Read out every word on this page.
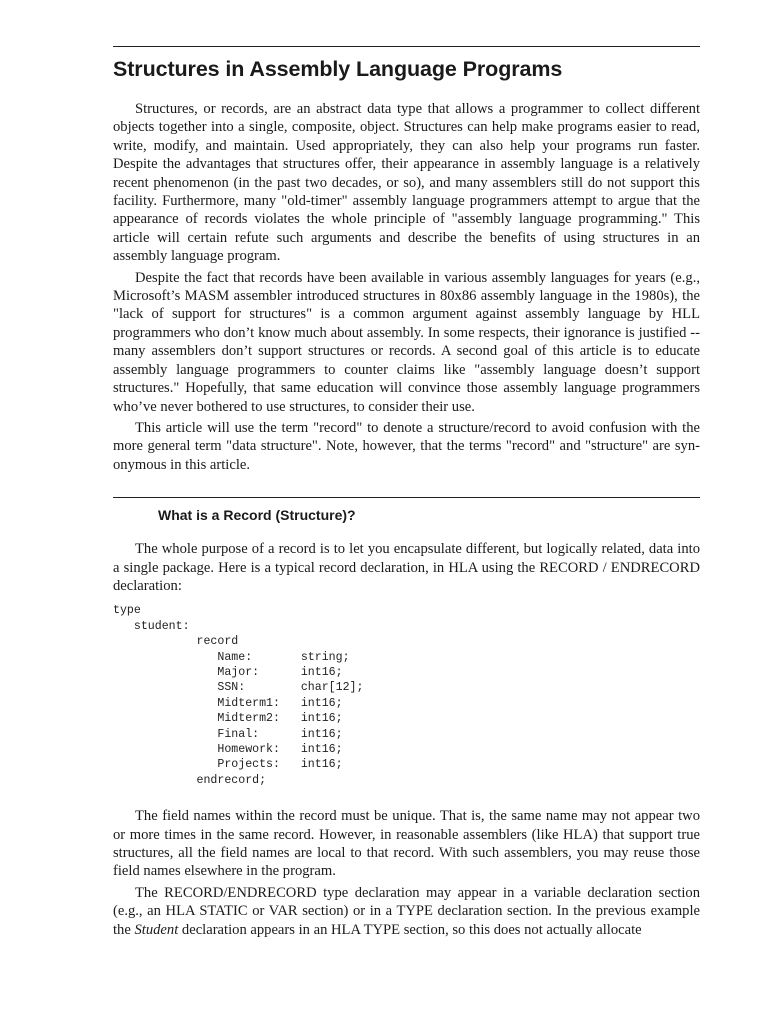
Structures in Assembly Language Programs

Structures, or records, are an abstract data type that allows a programmer to collect different objects together into a single, composite, object. Structures can help make programs easier to read, write, modify, and maintain. Used appropriately, they can also help your programs run faster. Despite the advantages that structures offer, their appearance in assembly language is a relatively recent phenomenon (in the past two decades, or so), and many assemblers still do not support this facility. Furthermore, many "old-timer" assembly language programmers attempt to argue that the appearance of records violates the whole principle of "assembly language programming." This article will certain refute such arguments and describe the benefits of using structures in an assembly language program.

Despite the fact that records have been available in various assembly languages for years (e.g., Microsoft’s MASM assembler introduced structures in 80x86 assembly language in the 1980s), the "lack of support for structures" is a common argument against assembly language by HLL programmers who don’t know much about assembly. In some respects, their ignorance is justified -- many assemblers don’t support structures or records. A second goal of this article is to educate assembly language programmers to counter claims like "assembly language doesn’t support structures." Hopefully, that same education will convince those assembly language programmers who’ve never bothered to use structures, to consider their use.

This article will use the term "record" to denote a structure/record to avoid confusion with the more general term "data structure". Note, however, that the terms "record" and "structure" are synonymous in this article.

What is a Record (Structure)?

The whole purpose of a record is to let you encapsulate different, but logically related, data into a single package. Here is a typical record declaration, in HLA using the RECORD / ENDRECORD declaration:

type
student:
record
Name:       string;
Major:      int16;
SSN:        char[12];
Midterm1:   int16;
Midterm2:   int16;
Final:      int16;
Homework:   int16;
Projects:   int16;
endrecord;

The field names within the record must be unique. That is, the same name may not appear two or more times in the same record. However, in reasonable assemblers (like HLA) that support true structures, all the field names are local to that record. With such assemblers, you may reuse those field names elsewhere in the program.

The RECORD/ENDRECORD type declaration may appear in a variable declaration section (e.g., an HLA STATIC or VAR section) or in a TYPE declaration section. In the previous example the Student declaration appears in an HLA TYPE section, so this does not actually allocate
